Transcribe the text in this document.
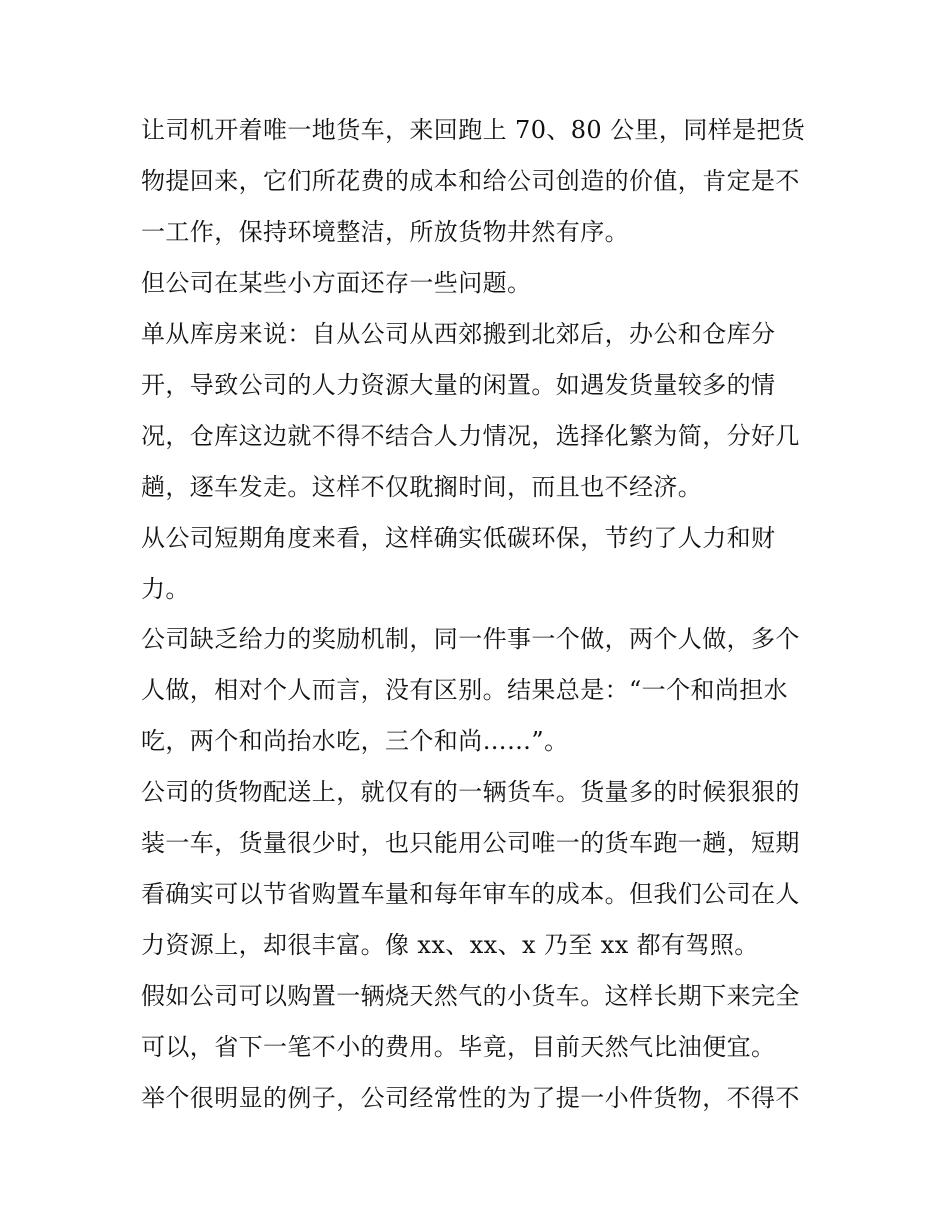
让司机开着唯一地货车，来回跑上 70、80 公里，同样是把货
物提回来，它们所花费的成本和给公司创造的价值，肯定是不
一工作，保持环境整洁，所放货物井然有序。
但公司在某些小方面还存一些问题。
单从库房来说：自从公司从西郊搬到北郊后，办公和仓库分
开，导致公司的人力资源大量的闲置。如遇发货量较多的情
况，仓库这边就不得不结合人力情况，选择化繁为简，分好几
趟，逐车发走。这样不仅耽搁时间，而且也不经济。
从公司短期角度来看，这样确实低碳环保，节约了人力和财
力。
公司缺乏给力的奖励机制，同一件事一个做，两个人做，多个
人做，相对个人而言，没有区别。结果总是：“一个和尚担水
吃，两个和尚抬水吃，三个和尚……”。
公司的货物配送上，就仅有的一辆货车。货量多的时候狠狠的
装一车，货量很少时，也只能用公司唯一的货车跑一趟，短期
看确实可以节省购置车量和每年审车的成本。但我们公司在人
力资源上，却很丰富。像 xx、xx、x 乃至 xx 都有驾照。
假如公司可以购置一辆烧天然气的小货车。这样长期下来完全
可以，省下一笔不小的费用。毕竟，目前天然气比油便宜。
举个很明显的例子，公司经常性的为了提一小件货物，不得不
